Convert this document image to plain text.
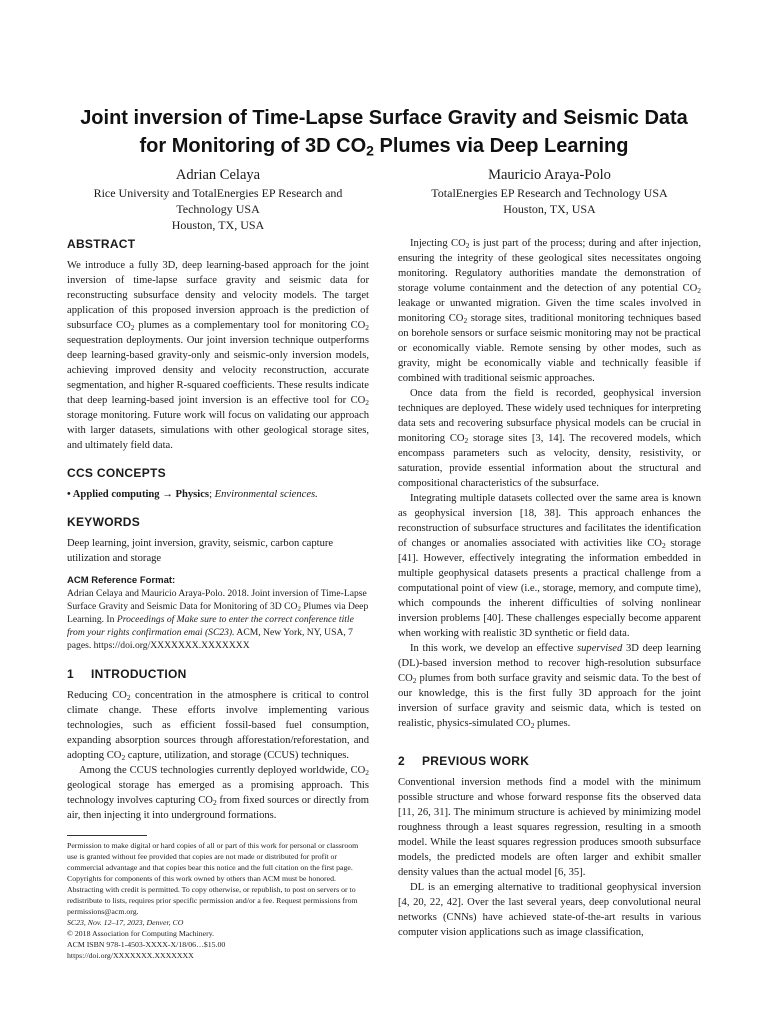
Joint inversion of Time-Lapse Surface Gravity and Seismic Data
for Monitoring of 3D $CO_2$ Plumes via Deep Learning
Adrian Celaya
Rice University and TotalEnergies EP Research and
Technology USA
Houston, TX, USA
Mauricio Araya-Polo
TotalEnergies EP Research and Technology USA
Houston, TX, USA
ABSTRACT

We introduce a fully 3D, deep learning-based approach for the joint inversion of time-lapse surface gravity and seismic data for reconstructing subsurface density and velocity models. The target application of this proposed inversion approach is the prediction of subsurface $CO_2$ plumes as a complementary tool for monitoring $CO_2$ sequestration deployments. Our joint inversion technique outperforms deep learning-based gravity-only and seismic-only inversion models, achieving improved density and velocity reconstruction, accurate segmentation, and higher R-squared coefficients. These results indicate that deep learning-based joint inversion is an effective tool for $CO_2$ storage monitoring. Future work will focus on validating our approach with larger datasets, simulations with other geological storage sites, and ultimately field data.

CCS CONCEPTS

• Applied computing → Physics; Environmental sciences.

KEYWORDS

Deep learning, joint inversion, gravity, seismic, carbon capture utilization and storage

ACM Reference Format:

Adrian Celaya and Mauricio Araya-Polo. 2018. Joint inversion of Time-Lapse Surface Gravity and Seismic Data for Monitoring of 3D $CO_2$ Plumes via Deep Learning. In Proceedings of Make sure to enter the correct conference title from your rights confirmation emai (SC23). ACM, New York, NY, USA, 7 pages. https://doi.org/XXXXXXX.XXXXXXX

1 INTRODUCTION

Reducing $CO_2$ concentration in the atmosphere is critical to control climate change. These efforts involve implementing various technologies, such as efficient fossil-based fuel consumption, expanding absorption sources through afforestation/reforestation, and adopting $CO_2$ capture, utilization, and storage (CCUS) techniques.

Among the CCUS technologies currently deployed worldwide, $CO_2$ geological storage has emerged as a promising approach. This technology involves capturing $CO_2$ from fixed sources or directly from air, then injecting it into underground formations.

Permission to make digital or hard copies of all or part of this work for personal or classroom use is granted without fee provided that copies are not made or distributed for profit or commercial advantage and that copies bear this notice and the full citation on the first page. Copyrights for components of this work owned by others than ACM must be honored. Abstracting with credit is permitted. To copy otherwise, or republish, to post on servers or to redistribute to lists, requires prior specific permission and/or a fee. Request permissions from permissions@acm.org.

SC23, Nov. 12–17, 2023, Denver, CO

© 2018 Association for Computing Machinery.

ACM ISBN 978-1-4503-XXXX-X/18/06…$15.00

https://doi.org/XXXXXXX.XXXXXXX

Injecting $CO_2$ is just part of the process; during and after injection, ensuring the integrity of these geological sites necessitates ongoing monitoring. Regulatory authorities mandate the demonstration of storage volume containment and the detection of any potential $CO_2$ leakage or unwanted migration. Given the time scales involved in monitoring $CO_2$ storage sites, traditional monitoring techniques based on borehole sensors or surface seismic monitoring may not be practical or economically viable. Remote sensing by other modes, such as gravity, might be economically viable and technically feasible if combined with traditional seismic approaches.

Once data from the field is recorded, geophysical inversion techniques are deployed. These widely used techniques for interpreting data sets and recovering subsurface physical models can be crucial in monitoring $CO_2$ storage sites [3, 14]. The recovered models, which encompass parameters such as velocity, density, resistivity, or saturation, provide essential information about the structural and compositional characteristics of the subsurface.

Integrating multiple datasets collected over the same area is known as geophysical inversion [18, 38]. This approach enhances the reconstruction of subsurface structures and facilitates the identification of changes or anomalies associated with activities like $CO_2$ storage [41]. However, effectively integrating the information embedded in multiple geophysical datasets presents a practical challenge from a computational point of view (i.e., storage, memory, and compute time), which compounds the inherent difficulties of solving nonlinear inversion problems [40]. These challenges especially become apparent when working with realistic 3D synthetic or field data.

In this work, we develop an effective supervised 3D deep learning (DL)-based inversion method to recover high-resolution subsurface $CO_2$ plumes from both surface gravity and seismic data. To the best of our knowledge, this is the first fully 3D approach for the joint inversion of surface gravity and seismic data, which is tested on realistic, physics-simulated $CO_2$ plumes.

2 PREVIOUS WORK

Conventional inversion methods find a model with the minimum possible structure and whose forward response fits the observed data [11, 26, 31]. The minimum structure is achieved by minimizing model roughness through a least squares regression, resulting in a smooth model. While the least squares regression produces smooth subsurface models, the predicted models are often larger and exhibit smaller density values than the actual model [6, 35].

DL is an emerging alternative to traditional geophysical inversion [4, 20, 22, 42]. Over the last several years, deep convolutional neural networks (CNNs) have achieved state-of-the-art results in various computer vision applications such as image classification,
